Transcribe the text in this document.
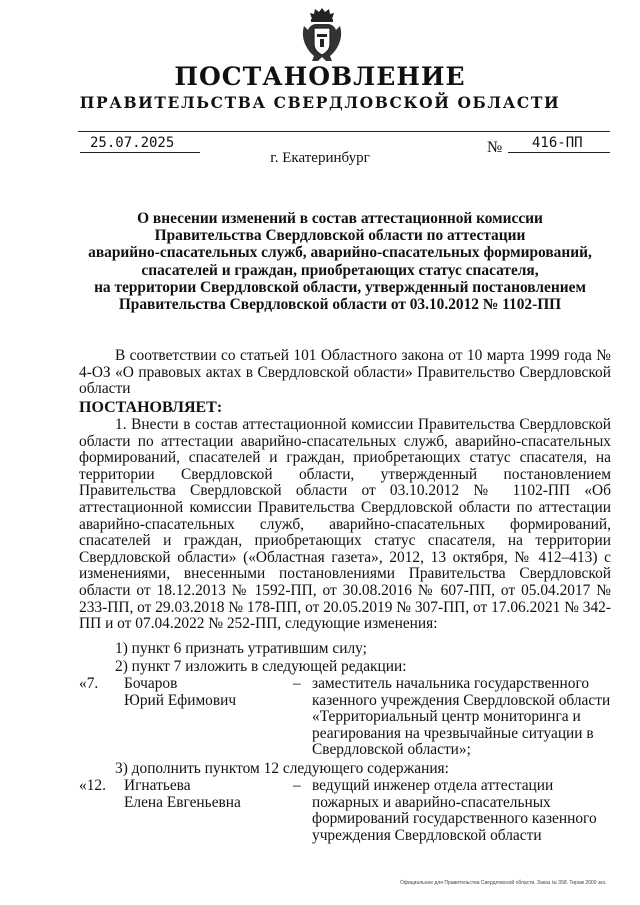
ПОСТАНОВЛЕНИЕ
ПРАВИТЕЛЬСТВА СВЕРДЛОВСКОЙ ОБЛАСТИ
25.07.2025	№ 416-ПП
г. Екатеринбург
О внесении изменений в состав аттестационной комиссии
Правительства Свердловской области по аттестации
аварийно-спасательных служб, аварийно-спасательных формирований,
спасателей и граждан, приобретающих статус спасателя,
на территории Свердловской области, утвержденный постановлением
Правительства Свердловской области от 03.10.2012 № 1102-ПП

В соответствии со статьей 101 Областного закона от 10 марта 1999 года № 4-ОЗ «О правовых актах в Свердловской области» Правительство Свердловской области

ПОСТАНОВЛЯЕТ:

1. Внести в состав аттестационной комиссии Правительства Свердловской области по аттестации аварийно-спасательных служб, аварийно-спасательных формирований, спасателей и граждан, приобретающих статус спасателя, на территории Свердловской области, утвержденный постановлением Правительства Свердловской области от 03.10.2012 № 1102-ПП «Об аттестационной комиссии Правительства Свердловской области по аттестации аварийно-спасательных служб, аварийно-спасательных формирований, спасателей и граждан, приобретающих статус спасателя, на территории Свердловской области» («Областная газета», 2012, 13 октября, № 412–413) с изменениями, внесенными постановлениями Правительства Свердловской области от 18.12.2013 № 1592-ПП, от 30.08.2016 № 607-ПП, от 05.04.2017 № 233-ПП, от 29.03.2018 № 178-ПП, от 20.05.2019 № 307-ПП, от 17.06.2021 № 342-ПП и от 07.04.2022 № 252-ПП, следующие изменения:

1) пункт 6 признать утратившим силу;
2) пункт 7 изложить в следующей редакции:
«7. Бочаров
Юрий Ефимович
– заместитель начальника государственного казенного учреждения Свердловской области «Территориальный центр мониторинга и реагирования на чрезвычайные ситуации в Свердловской области»;
3) дополнить пунктом 12 следующего содержания:
«12. Игнатьева
Елена Евгеньевна
– ведущий инженер отдела аттестации пожарных и аварийно-спасательных формирований государственного казенного учреждения Свердловской области
Официальное для Правительства Свердловской области. Заказ № 358. Тираж 2000 экз.
